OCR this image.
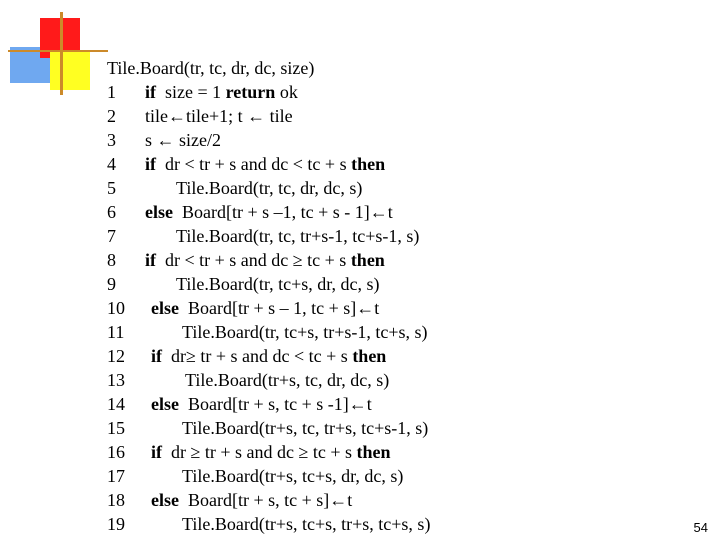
Tile.Board(tr, tc, dr, dc, size)
1 if  size = 1 return ok
2 tile←tile+1; t ← tile
3 s ← size/2
4 if  dr < tr + s and dc < tc + s then
5	Tile.Board(tr, tc, dr, dc, s)
6 else  Board[tr + s –1, tc + s - 1]←t
7	Tile.Board(tr, tc, tr+s-1, tc+s-1, s)
8 if  dr < tr + s and dc ≥ tc + s then
9	Tile.Board(tr, tc+s, dr, dc, s)
10 else  Board[tr + s – 1, tc + s]←t
11	Tile.Board(tr, tc+s, tr+s-1, tc+s, s)
12 if  dr≥ tr + s and dc < tc + s then
13	Tile.Board(tr+s, tc, dr, dc, s)
14 else  Board[tr + s, tc + s -1]←t
15	Tile.Board(tr+s, tc, tr+s, tc+s-1, s)
16 if  dr ≥ tr + s and dc ≥ tc + s then
17	Tile.Board(tr+s, tc+s, dr, dc, s)
18 else  Board[tr + s, tc + s]←t
19	Tile.Board(tr+s, tc+s, tr+s, tc+s, s)	54
